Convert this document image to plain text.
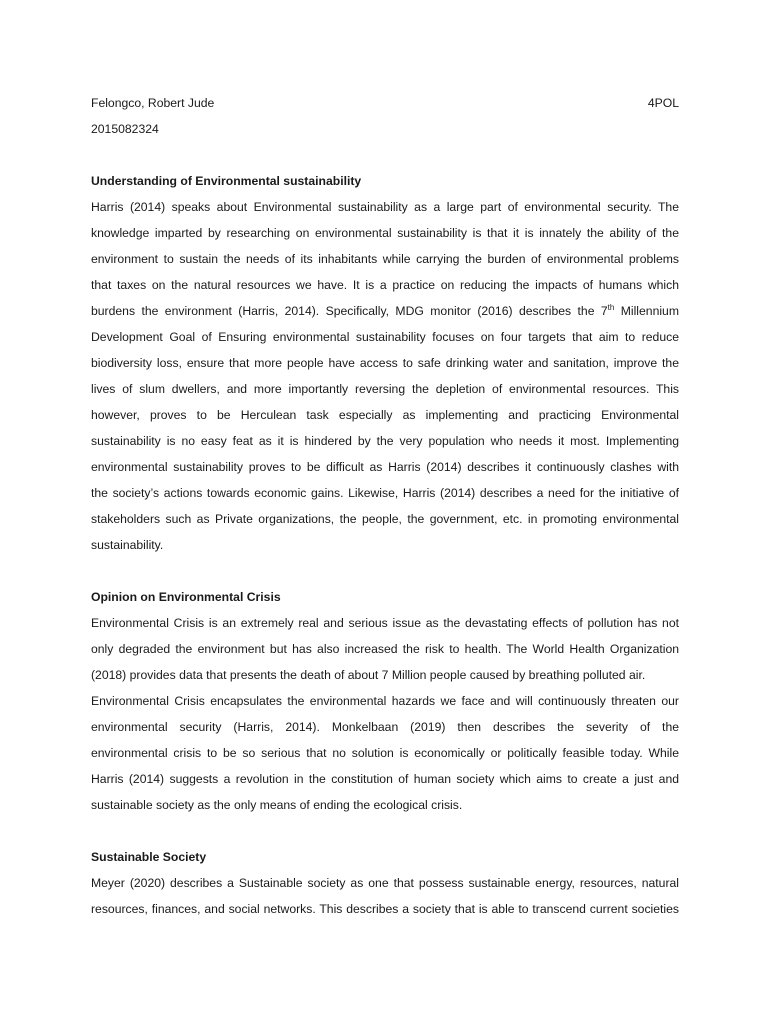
Felongco, Robert Jude	4POL
2015082324
Understanding of Environmental sustainability
Harris (2014) speaks about Environmental sustainability as a large part of environmental security. The
knowledge imparted by researching on environmental sustainability is that it is innately the ability of the
environment to sustain the needs of its inhabitants while carrying the burden of environmental problems
that taxes on the natural resources we have. It is a practice on reducing the impacts of humans which
burdens the environment (Harris, 2014). Specifically, MDG monitor (2016) describes the 7th Millennium
Development Goal of Ensuring environmental sustainability focuses on four targets that aim to reduce
biodiversity loss, ensure that more people have access to safe drinking water and sanitation, improve the
lives of slum dwellers, and more importantly reversing the depletion of environmental resources. This
however, proves to be Herculean task especially as implementing and practicing Environmental
sustainability is no easy feat as it is hindered by the very population who needs it most. Implementing
environmental sustainability proves to be difficult as Harris (2014) describes it continuously clashes with
the society’s actions towards economic gains. Likewise, Harris (2014) describes a need for the initiative of
stakeholders such as Private organizations, the people, the government, etc. in promoting environmental
sustainability.
Opinion on Environmental Crisis
Environmental Crisis is an extremely real and serious issue as the devastating effects of pollution has not
only degraded the environment but has also increased the risk to health. The World Health Organization
(2018) provides data that presents the death of about 7 Million people caused by breathing polluted air.
Environmental Crisis encapsulates the environmental hazards we face and will continuously threaten our
environmental security (Harris, 2014). Monkelbaan (2019) then describes the severity of the
environmental crisis to be so serious that no solution is economically or politically feasible today. While
Harris (2014) suggests a revolution in the constitution of human society which aims to create a just and
sustainable society as the only means of ending the ecological crisis.
Sustainable Society
Meyer (2020) describes a Sustainable society as one that possess sustainable energy, resources, natural
resources, finances, and social networks. This describes a society that is able to transcend current societies
